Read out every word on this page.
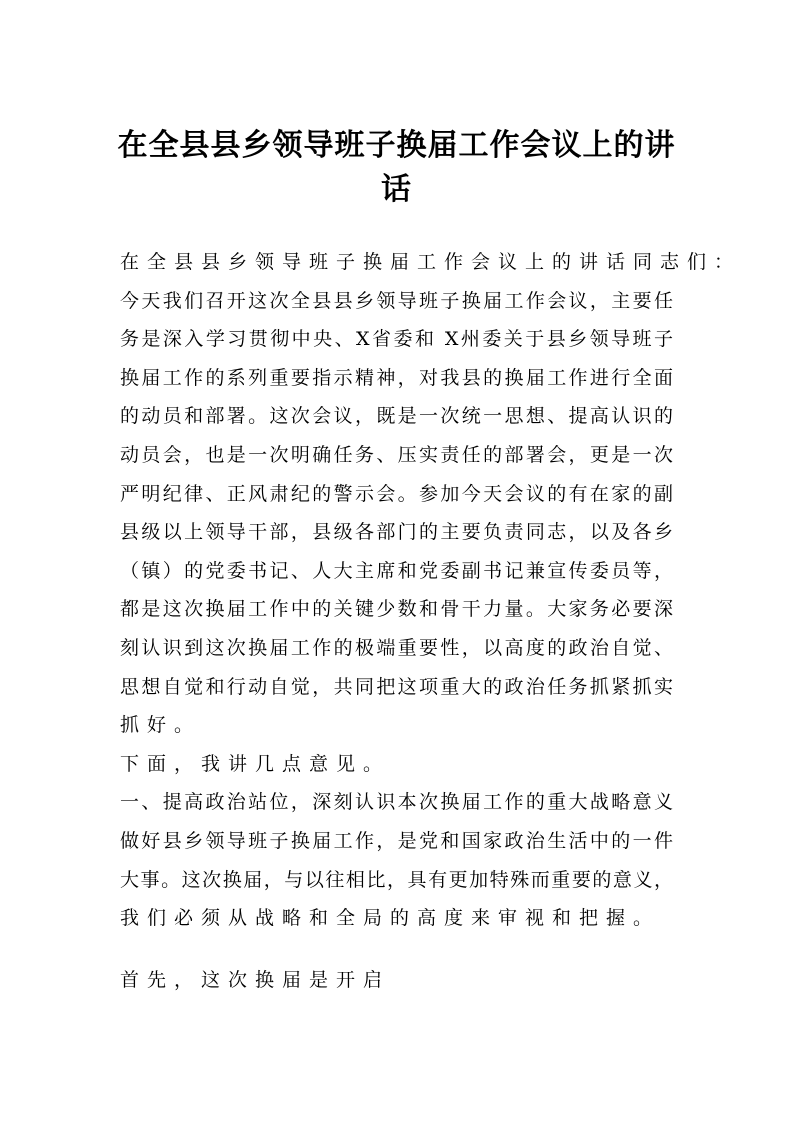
在全县县乡领导班子换届工作会议上的讲
话
在全县县乡领导班子换届工作会议上的讲话同志们：
今天我们召开这次全县县乡领导班子换届工作会议，主要任
务是深入学习贯彻中央、X省委和 X州委关于县乡领导班子
换届工作的系列重要指示精神，对我县的换届工作进行全面
的动员和部署。这次会议，既是一次统一思想、提高认识的
动员会，也是一次明确任务、压实责任的部署会，更是一次
严明纪律、正风肃纪的警示会。参加今天会议的有在家的副
县级以上领导干部，县级各部门的主要负责同志，以及各乡
（镇）的党委书记、人大主席和党委副书记兼宣传委员等，
都是这次换届工作中的关键少数和骨干力量。大家务必要深
刻认识到这次换届工作的极端重要性，以高度的政治自觉、
思想自觉和行动自觉，共同把这项重大的政治任务抓紧抓实
抓好。
下面，我讲几点意见。
一、提高政治站位，深刻认识本次换届工作的重大战略意义
做好县乡领导班子换届工作，是党和国家政治生活中的一件
大事。这次换届，与以往相比，具有更加特殊而重要的意义，
我们必须从战略和全局的高度来审视和把握。
首先，这次换届是开启
